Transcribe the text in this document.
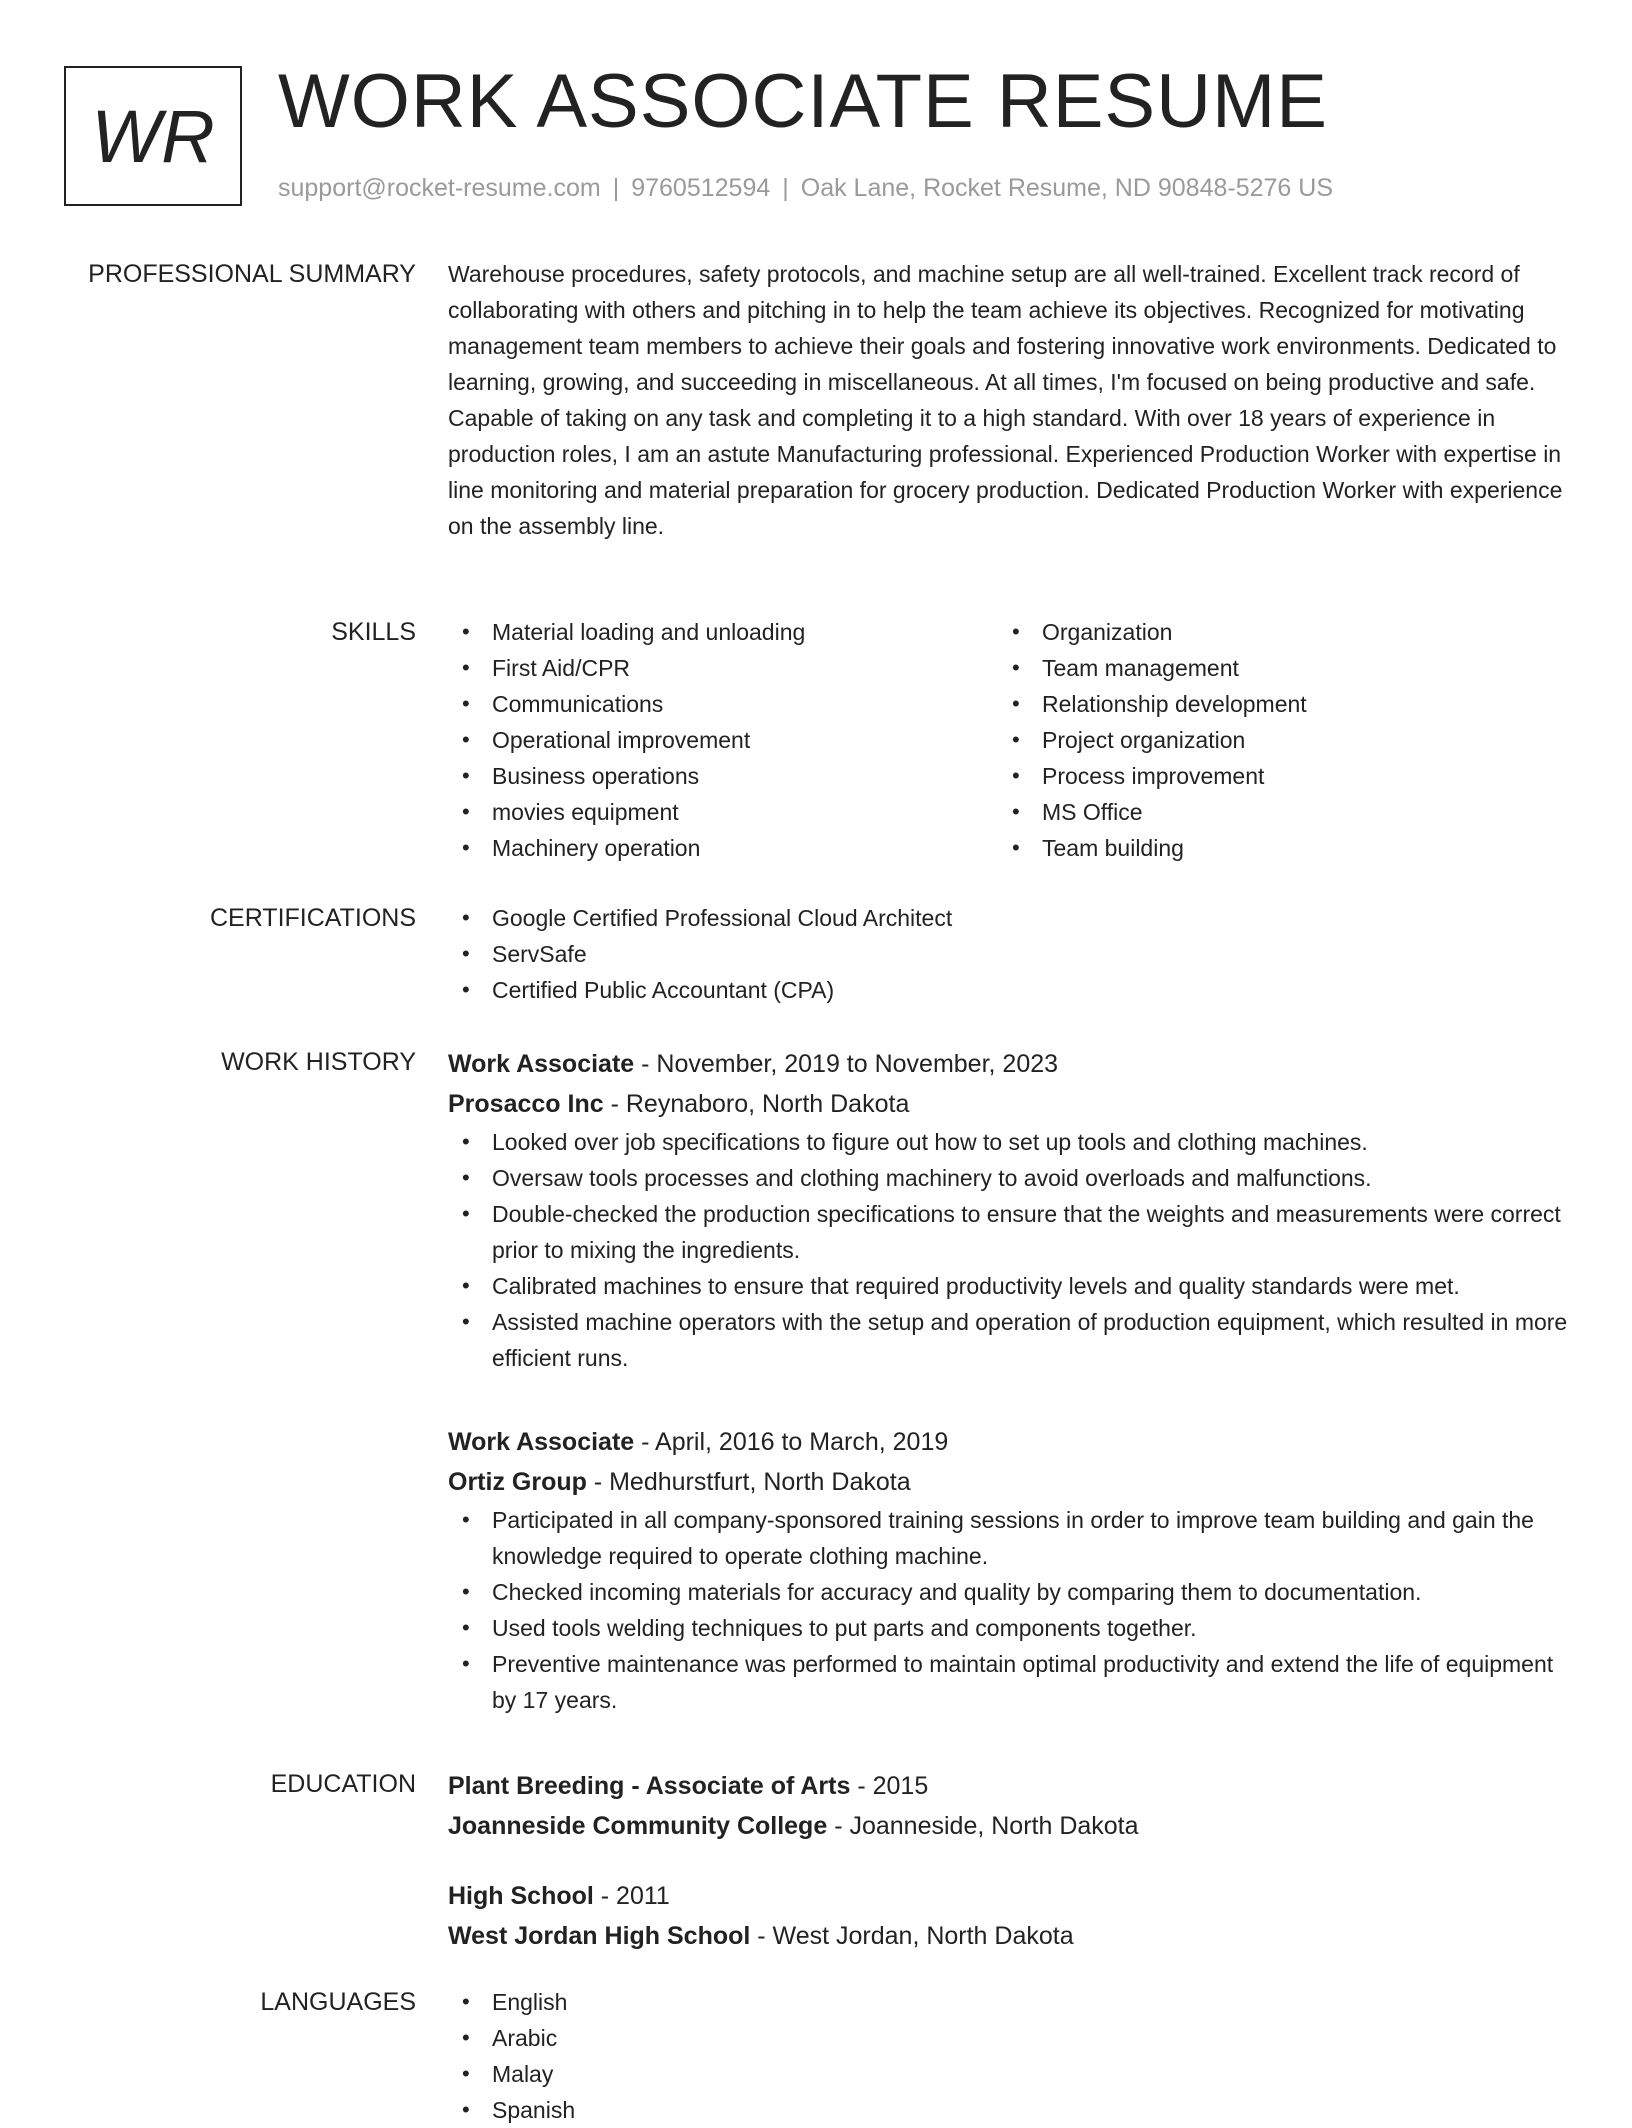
WR WORK ASSOCIATE RESUME
support@rocket-resume.com | 9760512594 | Oak Lane, Rocket Resume, ND 90848-5276 US
PROFESSIONAL SUMMARY Warehouse procedures, safety protocols, and machine setup are all well-trained. Excellent track record of collaborating with others and pitching in to help the team achieve its objectives. Recognized for motivating management team members to achieve their goals and fostering innovative work environments. Dedicated to learning, growing, and succeeding in miscellaneous. At all times, I'm focused on being productive and safe. Capable of taking on any task and completing it to a high standard. With over 18 years of experience in production roles, I am an astute Manufacturing professional. Experienced Production Worker with expertise in line monitoring and material preparation for grocery production. Dedicated Production Worker with experience on the assembly line.

SKILLS	• Material loading and unloading
• First Aid/CPR
• Communications
• Operational improvement
• Business operations
• movies equipment
• Machinery operation
• Organization
• Team management
• Relationship development
• Project organization
• Process improvement
• MS Office
• Team building
CERTIFICATIONS	• Google Certified Professional Cloud Architect
• ServSafe
• Certified Public Accountant (CPA)
WORK HISTORY Work Associate - November, 2019 to November, 2023
Prosacco Inc - Reynaboro, North Dakota
• Looked over job specifications to figure out how to set up tools and clothing machines.
• Oversaw tools processes and clothing machinery to avoid overloads and malfunctions.
• Double-checked the production specifications to ensure that the weights and measurements were correct prior to mixing the ingredients.
• Calibrated machines to ensure that required productivity levels and quality standards were met.
• Assisted machine operators with the setup and operation of production equipment, which resulted in more efficient runs.
Work Associate - April, 2016 to March, 2019
Ortiz Group - Medhurstfurt, North Dakota
• Participated in all company-sponsored training sessions in order to improve team building and gain the knowledge required to operate clothing machine.
• Checked incoming materials for accuracy and quality by comparing them to documentation.
• Used tools welding techniques to put parts and components together.
• Preventive maintenance was performed to maintain optimal productivity and extend the life of equipment by 17 years.
EDUCATION Plant Breeding - Associate of Arts - 2015
Joanneside Community College - Joanneside, North Dakota
High School - 2011
West Jordan High School - West Jordan, North Dakota
LANGUAGES	• English
• Arabic
• Malay
• Spanish
